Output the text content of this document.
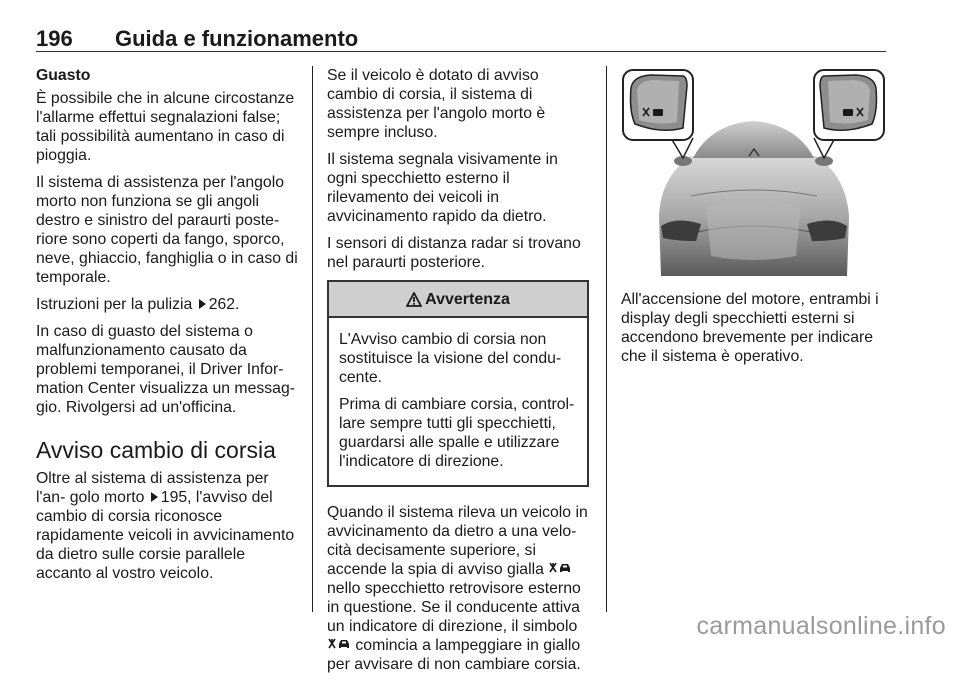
196 Guida e funzionamento
Guasto

È possibile che in alcune circostanze l'allarme effettui segnalazioni false; tali possibilità aumentano in caso di pioggia.

Il sistema di assistenza per l'angolo morto non funziona se gli angoli destro e sinistro del paraurti poste- riore sono coperti da fango, sporco, neve, ghiaccio, fanghiglia o in caso di temporale.

Istruzioni per la pulizia 262.

In caso di guasto del sistema o malfunzionamento causato da problemi temporanei, il Driver Infor- mation Center visualizza un messag- gio. Rivolgersi ad un'officina.

Avviso cambio di corsia

Oltre al sistema di assistenza per l'an- golo morto 195, l'avviso del cambio di corsia riconosce rapidamente veicoli in avvicinamento da dietro sulle corsie parallele accanto al vostro veicolo.

Se il veicolo è dotato di avviso cambio di corsia, il sistema di assistenza per l'angolo morto è sempre incluso.

Il sistema segnala visivamente in ogni specchietto esterno il rilevamento dei veicoli in avvicinamento rapido da dietro.

I sensori di distanza radar si trovano nel paraurti posteriore.

Avvertenza

L'Avviso cambio di corsia non sostituisce la visione del condu- cente.

Prima di cambiare corsia, control- lare sempre tutti gli specchietti, guardarsi alle spalle e utilizzare l'indicatore di direzione.

Quando il sistema rileva un veicolo in avvicinamento da dietro a una velo- cità decisamente superiore, si accende la spia di avviso gialla  nello specchietto retrovisore esterno in questione. Se il conducente attiva un indicatore di direzione, il simbolo  comincia a lampeggiare in giallo per avvisare di non cambiare corsia.

All'accensione del motore, entrambi i display degli specchietti esterni si accendono brevemente per indicare che il sistema è operativo.

carmanualsonline.info
